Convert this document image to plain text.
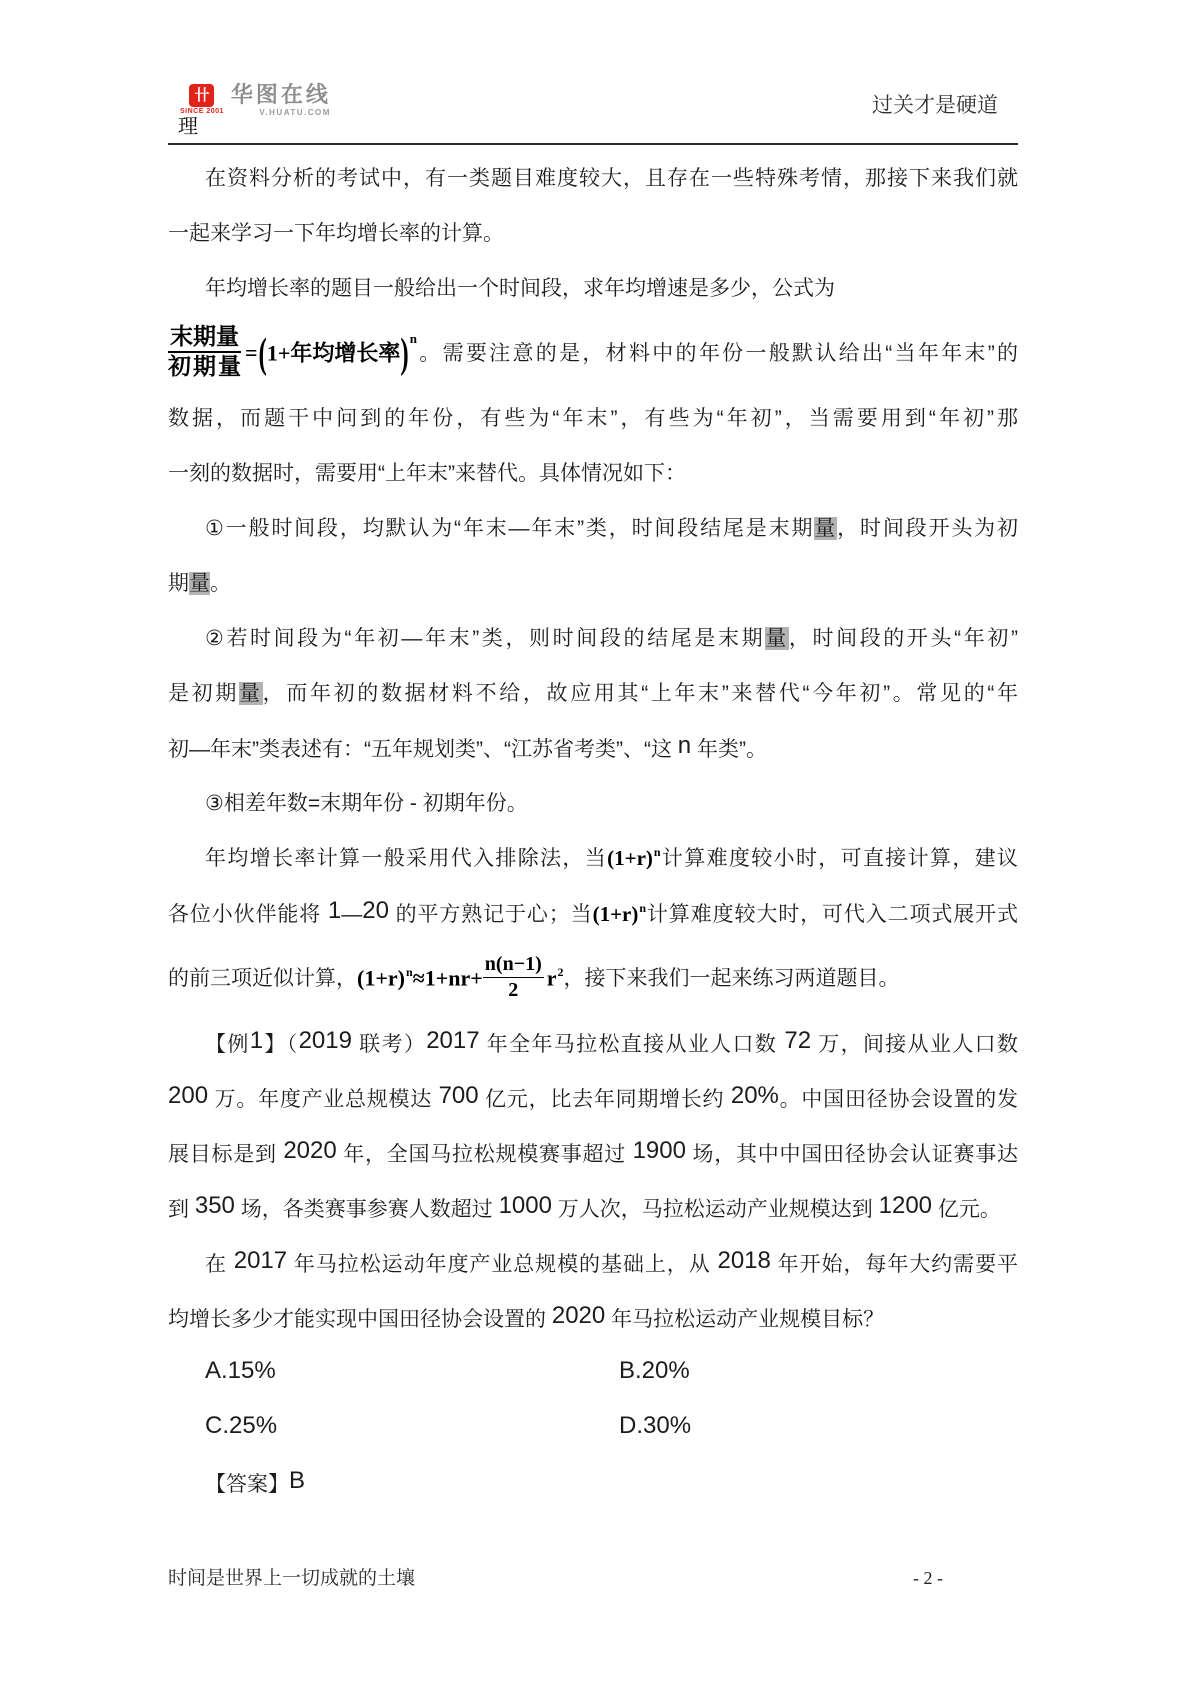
卄
SINCE 2001
华图在线
V.HUATU.COM	过关才是硬道
理
在资料分析的考试中，有一类题目难度较大，且存在一些特殊考情，那接下来我们就
一起来学习一下年均增长率的计算。
年均增长率的题目一般给出一个时间段，求年均增速是多少，公式为
$\frac{\text{末期量}}{\text{初期量}} =(1+$年均增长率)$^n$。需要注意的是，材料中的年份一般默认给出“当年年末”的
数据，而题干中问到的年份，有些为“年末”，有些为“年初”，当需要用到“年初”那
一刻的数据时，需要用“上年末”来替代。具体情况如下：
①一般时间段，均默认为“年末—年末”类，时间段结尾是末期量，时间段开头为初
期量。
②若时间段为“年初—年末”类，则时间段的结尾是末期量，时间段的开头“年初”
是初期量，而年初的数据材料不给，故应用其“上年末”来替代“今年初”。常见的“年
初—年末”类表述有：“五年规划类”、“江苏省考类”、“这 n 年类”。
③相差年数=末期年份 - 初期年份。
年均增长率计算一般采用代入排除法，当$(1+r)^n$计算难度较小时，可直接计算，建议
各位小伙伴能将 1—20 的平方熟记于心；当$(1+r)^n$计算难度较大时，可代入二项式展开式
的前三项近似计算，$(1+r)^n\approx 1+nr+ \frac{n(n-1)}{2} r^2$，接下来我们一起来练习两道题目。
【例1】（2019 联考）2017 年全年马拉松直接从业人口数 72 万，间接从业人口数
200 万。年度产业总规模达 700 亿元，比去年同期增长约 20%。中国田径协会设置的发
展目标是到 2020 年，全国马拉松规模赛事超过 1900 场，其中中国田径协会认证赛事达
到 350 场，各类赛事参赛人数超过 1000 万人次，马拉松运动产业规模达到 1200 亿元。
在 2017 年马拉松运动年度产业总规模的基础上，从 2018 年开始，每年大约需要平
均增长多少才能实现中国田径协会设置的 2020 年马拉松运动产业规模目标？
A.15%	B.20%
C.25%	D.30%
【答案】B
时间是世界上一切成就的土壤	- 2 -
